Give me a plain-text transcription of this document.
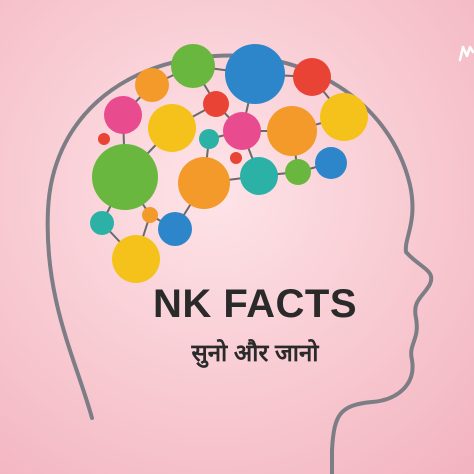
NK FACTS

सुनो और जानो
